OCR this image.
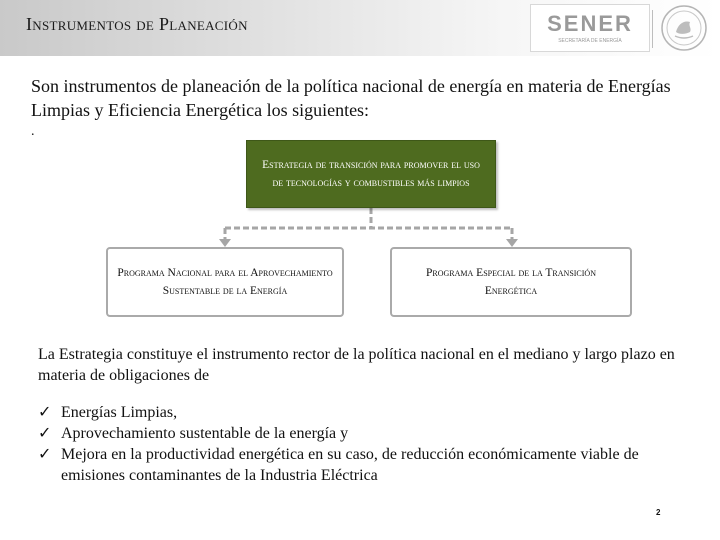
Instrumentos de Planeación	SENER
SECRETARÍA DE ENERGÍA

Son instrumentos de planeación de la política nacional de energía en materia de Energías Limpias y Eficiencia Energética los siguientes:

.
Estrategia de transición para promover el uso de tecnologías y combustibles más limpios
Programa Nacional para el Aprovechamiento Sustentable de la Energía
Programa Especial de la Transición Energética

La Estrategia constituye el instrumento rector de la política nacional en el mediano y largo plazo en materia de obligaciones de

✓ Energías Limpias,
✓ Aprovechamiento sustentable de la energía y
✓ Mejora en la productividad energética en su caso, de reducción económicamente viable de emisiones contaminantes de la Industria Eléctrica
2
